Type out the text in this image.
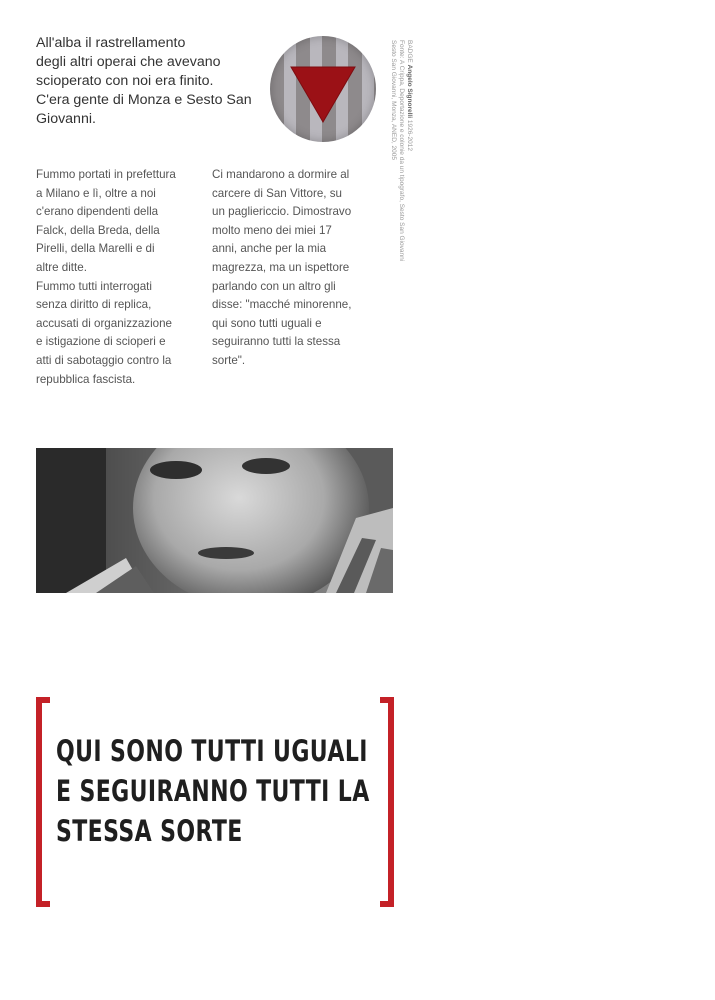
All'alba il rastrellamento
degli altri operai che avevano
scioperato con noi era finito.
C'era gente di Monza e Sesto San
Giovanni.

BADGE Angelo Signorelli 1926-2012
Fonte: A Crippa, Deportazione e colonie da un tipografo, Sesto San Giovanni
Sesto San Giovanni, Monza, ANED, 2005

Fummo portati in prefettura
a Milano e lì, oltre a noi
c'erano dipendenti della
Falck, della Breda, della
Pirelli, della Marelli e di
altre ditte.
Fummo tutti interrogati
senza diritto di replica,
accusati di organizzazione
e istigazione di scioperi e
atti di sabotaggio contro la
repubblica fascista.

Ci mandarono a dormire al
carcere di San Vittore, su
un pagliericcio. Dimostravo
molto meno dei miei 17
anni, anche per la mia
magrezza, ma un ispettore
parlando con un altro gli
disse: "macché minorenne,
qui sono tutti uguali e
seguiranno tutti la stessa
sorte".

QUI SONO TUTTI UGUALI
E SEGUIRANNO TUTTI LA
STESSA SORTE
